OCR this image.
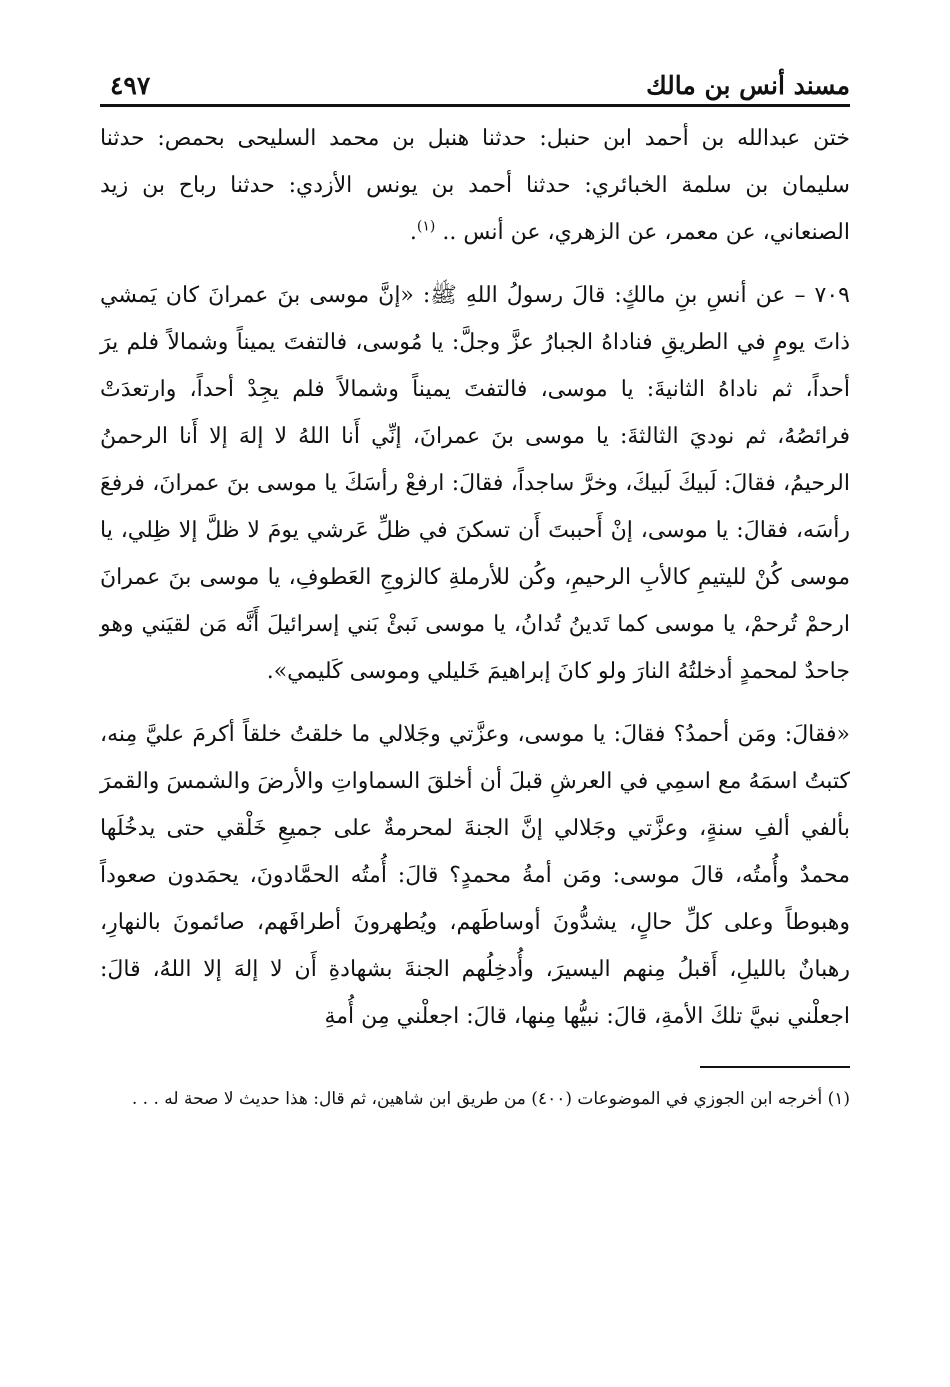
مسند أنس بن مالك
٤٩٧

ختن عبدالله بن أحمد ابن حنبل: حدثنا هنبل بن محمد السليحى بحمص: حدثنا سليمان بن سلمة الخبائري: حدثنا أحمد بن يونس الأزدي: حدثنا رباح بن زيد الصنعاني، عن معمر، عن الزهري، عن أنس .. $^{(١)}$.

٧٠٩ – عن أنسِ بنِ مالكٍ: قالَ رسولُ اللهِ ﷺ: «إنَّ موسى بنَ عمرانَ كان يَمشي ذاتَ يومٍ في الطريقِ فناداهُ الجبارُ عزَّ وجلَّ: يا مُوسى، فالتفتَ يميناً وشمالاً فلم يرَ أحداً، ثم ناداهُ الثانيةَ: يا موسى، فالتفتَ يميناً وشمالاً فلم يجِدْ أحداً، وارتعدَتْ فرائصُهُ، ثم نوديَ الثالثةَ: يا موسى بنَ عمرانَ، إنِّي أَنا اللهُ لا إلهَ إلا أَنا الرحمنُ الرحيمُ، فقالَ: لَبيكَ لَبيكَ، وخرَّ ساجداً، فقالَ: ارفعْ رأسَكَ يا موسى بنَ عمرانَ، فرفعَ رأسَه، فقالَ: يا موسى، إنْ أَحببتَ أَن تسكنَ في ظلِّ عَرشي يومَ لا ظلَّ إلا ظِلي، يا موسى كُنْ لليتيمِ كالأبِ الرحيمِ، وكُن للأرملةِ كالزوجِ العَطوفِ، يا موسى بنَ عمرانَ ارحمْ تُرحمْ، يا موسى كما تَدينُ تُدانُ، يا موسى نَبئْ بَني إسرائيلَ أَنَّه مَن لقيَني وهو جاحدٌ لمحمدٍ أدخلتُهُ النارَ ولو كانَ إبراهيمَ خَليلي وموسى كَليمي».

«فقالَ: ومَن أحمدُ؟ فقالَ: يا موسى، وعزَّتي وجَلالي ما خلقتُ خلقاً أكرمَ عليَّ مِنه، كتبتُ اسمَهُ مع اسمِي في العرشِ قبلَ أن أخلقَ السماواتِ والأرضَ والشمسَ والقمرَ بألفي ألفِ سنةٍ، وعزَّتي وجَلالي إنَّ الجنةَ لمحرمةٌ على جميعِ خَلْقي حتى يدخُلَها محمدٌ وأُمتُه، قالَ موسى: ومَن أمةُ محمدٍ؟ قالَ: أُمتُه الحمَّادونَ، يحمَدون صعوداً وهبوطاً وعلى كلِّ حالٍ، يشدُّونَ أوساطَهم، ويُطهرونَ أطرافَهم، صائمونَ بالنهارِ، رهبانٌ بالليلِ، أَقبلُ مِنهم اليسيرَ، وأُدخِلُهم الجنةَ بشهادةِ أَن لا إلهَ إلا اللهُ، قالَ: اجعلْني نبيَّ تلكَ الأمةِ، قالَ: نبيُّها مِنها، قالَ: اجعلْني مِن أُمةِ

(١) أخرجه ابن الجوزي في الموضوعات (٤٠٠) من طريق ابن شاهين، ثم قال: هذا حديث لا صحة له . . .
